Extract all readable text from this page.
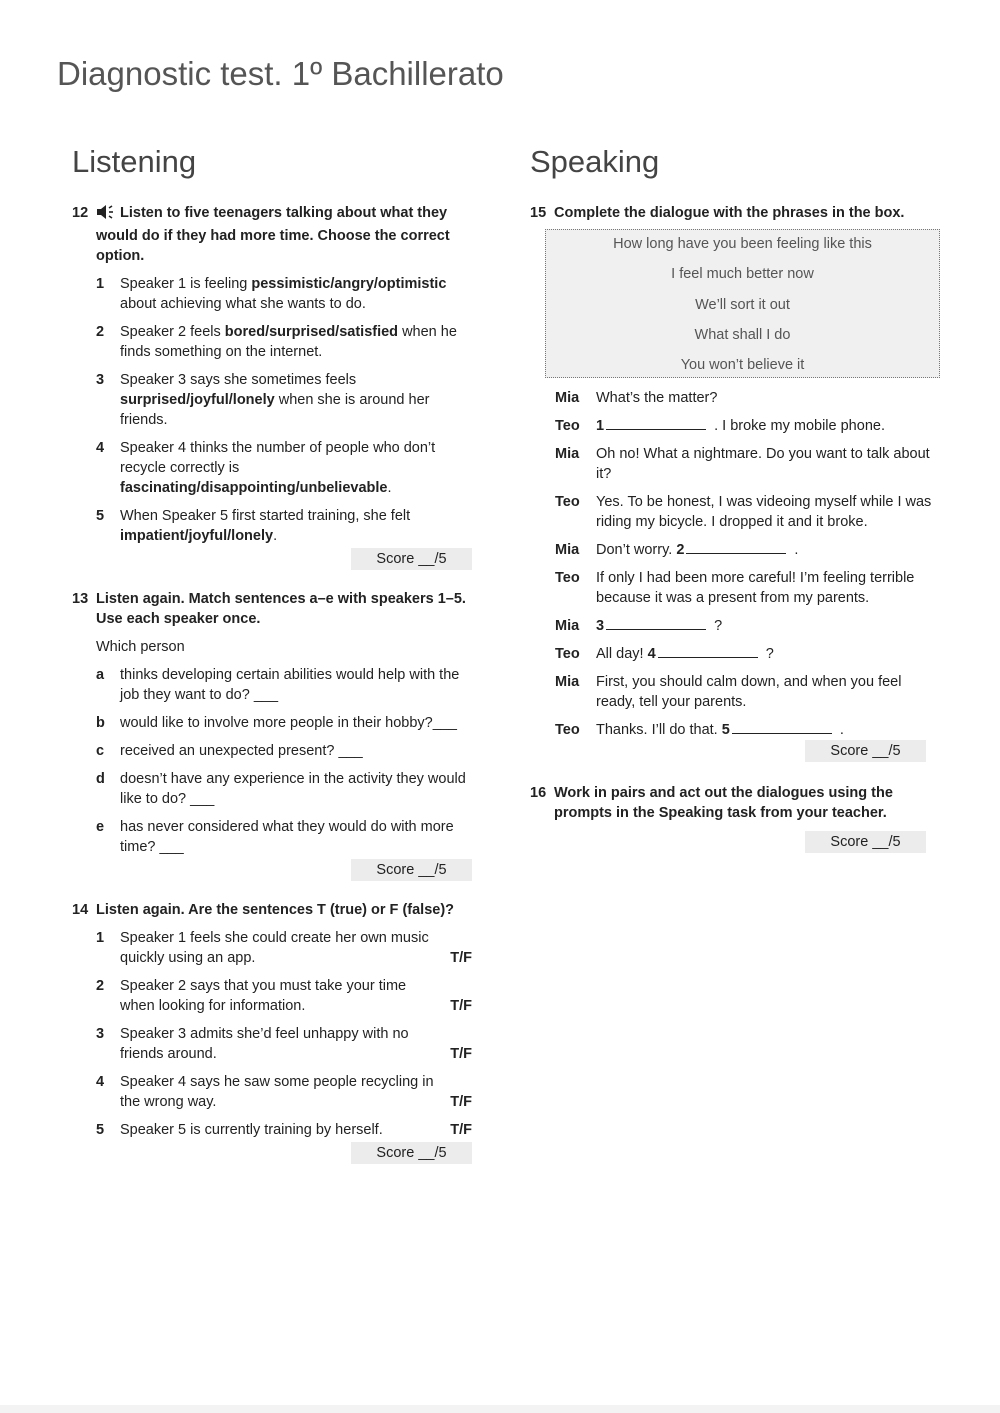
Diagnostic test. 1º Bachillerato
Listening
12	Listen to five teenagers talking about what they would do if they had more time. Choose the correct option.
1	Speaker 1 is feeling pessimistic/angry/optimistic about achieving what she wants to do.
2	Speaker 2 feels bored/surprised/satisfied when he finds something on the internet.
3	Speaker 3 says she sometimes feels surprised/joyful/lonely when she is around her friends.
4	Speaker 4 thinks the number of people who don’t recycle correctly is fascinating/disappointing/unbelievable.
5	When Speaker 5 first started training, she felt impatient/joyful/lonely.
Score __/5
13 Listen again. Match sentences a–e with speakers 1–5. Use each speaker once.
Which person
a	thinks developing certain abilities would help with the job they want to do? ___
b	would like to involve more people in their hobby?___
c	received an unexpected present? ___
d	doesn’t have any experience in the activity they would like to do? ___
e	has never considered what they would do with more time? ___
Score __/5
14 Listen again. Are the sentences T (true) or F (false)?
1	Speaker 1 feels she could create her own music quickly using an app.	T/F
2	Speaker 2 says that you must take your time when looking for information.	T/F
3	Speaker 3 admits she’d feel unhappy with no friends around.	T/F
4	Speaker 4 says he saw some people recycling in the wrong way.	T/F
5	Speaker 5 is currently training by herself.	T/F
Score __/5
Speaking
15 Complete the dialogue with the phrases in the box.
How long have you been feeling like this
I feel much better now
We’ll sort it out
What shall I do
You won’t believe it
Mia	What’s the matter?
Teo	1	. I broke my mobile phone.
Mia	Oh no! What a nightmare. Do you want to talk about it?
Teo	Yes. To be honest, I was videoing myself while I was riding my bicycle. I dropped it and it broke.
Mia	Don’t worry. 2	.
Teo	If only I had been more careful! I’m feeling terrible because it was a present from my parents.
Mia	3	?
Teo	All day! 4	?
Mia	First, you should calm down, and when you feel ready, tell your parents.
Teo	Thanks. I’ll do that. 5	.
Score __/5
16 Work in pairs and act out the dialogues using the prompts in the Speaking task from your teacher.
Score __/5
